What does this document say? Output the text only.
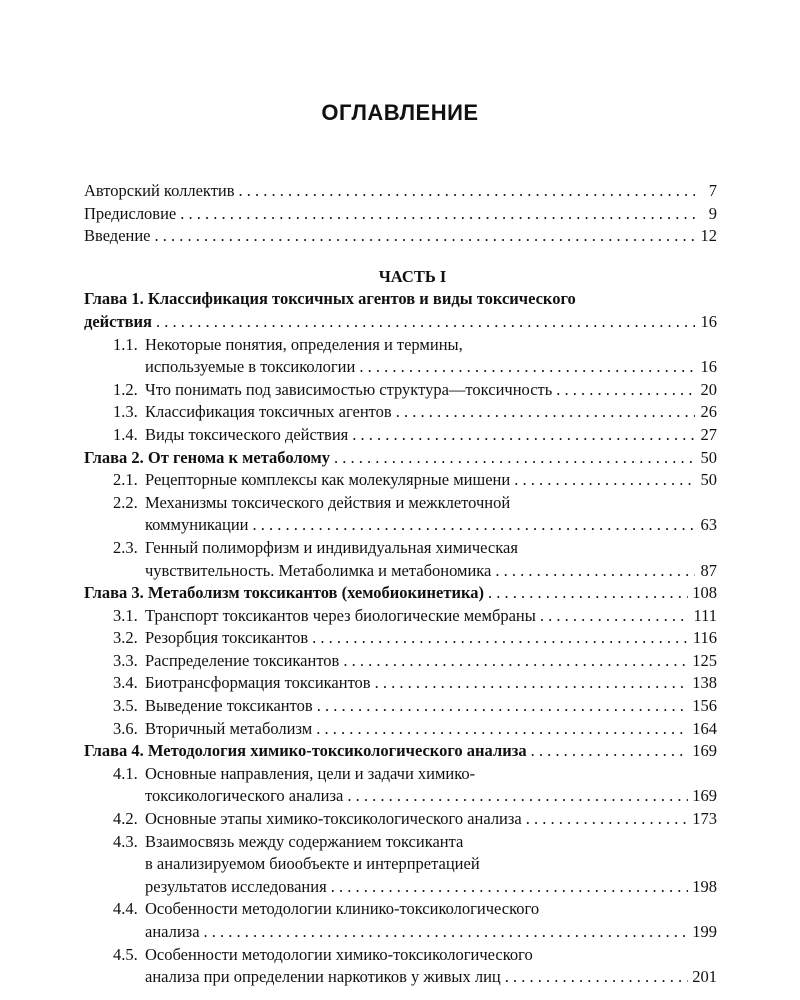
ОГЛАВЛЕНИЕ
Авторский коллектив . . .	7
Предисловие . . .	9
Введение . . .	12
ЧАСТЬ I
Глава 1. Классификация токсичных агентов и виды токсического
действия . . .	16
1.1. Некоторые понятия, определения и термины,
используемые в токсикологии . . .	16
1.2. Что понимать под зависимостью структура—токсичность . . .	20
1.3. Классификация токсичных агентов . . .	26
1.4. Виды токсического действия . . .	27
Глава 2. От генома к метаболому . . .	50
2.1. Рецепторные комплексы как молекулярные мишени . . .	50
2.2. Механизмы токсического действия и межклеточной
коммуникации . . .	63
2.3. Генный полиморфизм и индивидуальная химическая
чувствительность. Метаболимка и метабономика . . .	87
Глава 3. Метаболизм токсикантов (хемобиокинетика) . . .	108
3.1. Транспорт токсикантов через биологические мембраны . . .	111
3.2. Резорбция токсикантов . . .	116
3.3. Распределение токсикантов . . .	125
3.4. Биотрансформация токсикантов . . .	138
3.5. Выведение токсикантов . . .	156
3.6. Вторичный метаболизм . . .	164
Глава 4. Методология химико-токсикологического анализа . . .	169
4.1. Основные направления, цели и задачи химико-
токсикологического анализа . . .	169
4.2. Основные этапы химико-токсикологического анализа . . .	173
4.3. Взаимосвязь между содержанием токсиканта
в анализируемом биообъекте и интерпретацией
результатов исследования . . .	198
4.4. Особенности методологии клинико-токсикологического
анализа . . .	199
4.5. Особенности методологии химико-токсикологического
анализа при определении наркотиков у живых лиц . . .	201
